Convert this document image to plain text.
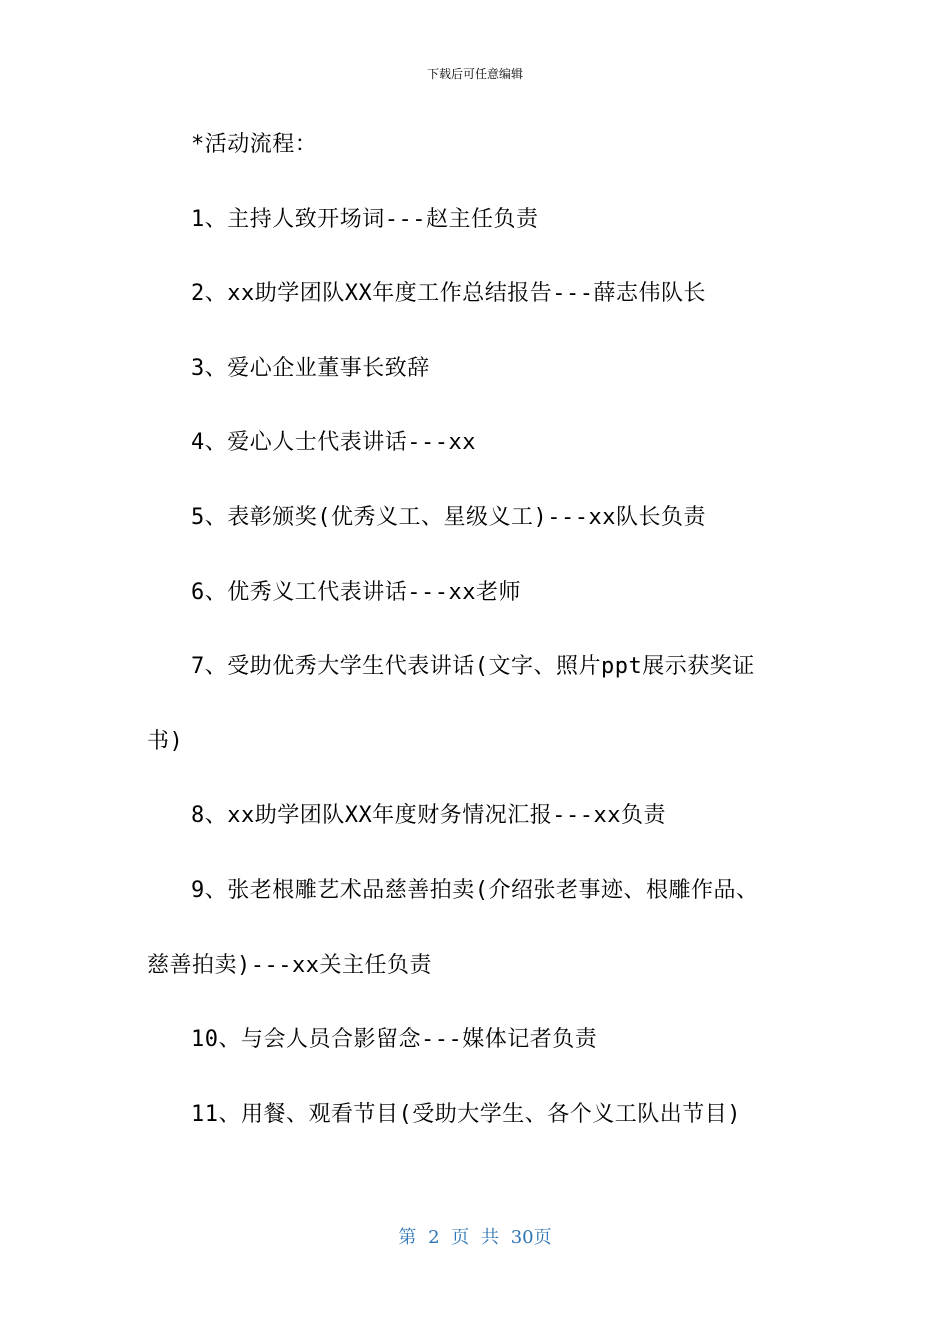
下载后可任意编辑
*活动流程：
1、主持人致开场词---赵主任负责
2、xx助学团队XX年度工作总结报告---薛志伟队长
3、爱心企业董事长致辞
4、爱心人士代表讲话---xx
5、表彰颁奖(优秀义工、星级义工)---xx队长负责
6、优秀义工代表讲话---xx老师
7、受助优秀大学生代表讲话(文字、照片ppt展示获奖证
书)
8、xx助学团队XX年度财务情况汇报---xx负责
9、张老根雕艺术品慈善拍卖(介绍张老事迹、根雕作品、
慈善拍卖)---xx关主任负责
10、与会人员合影留念---媒体记者负责
11、用餐、观看节目(受助大学生、各个义工队出节目)
第 2 页 共 30页
